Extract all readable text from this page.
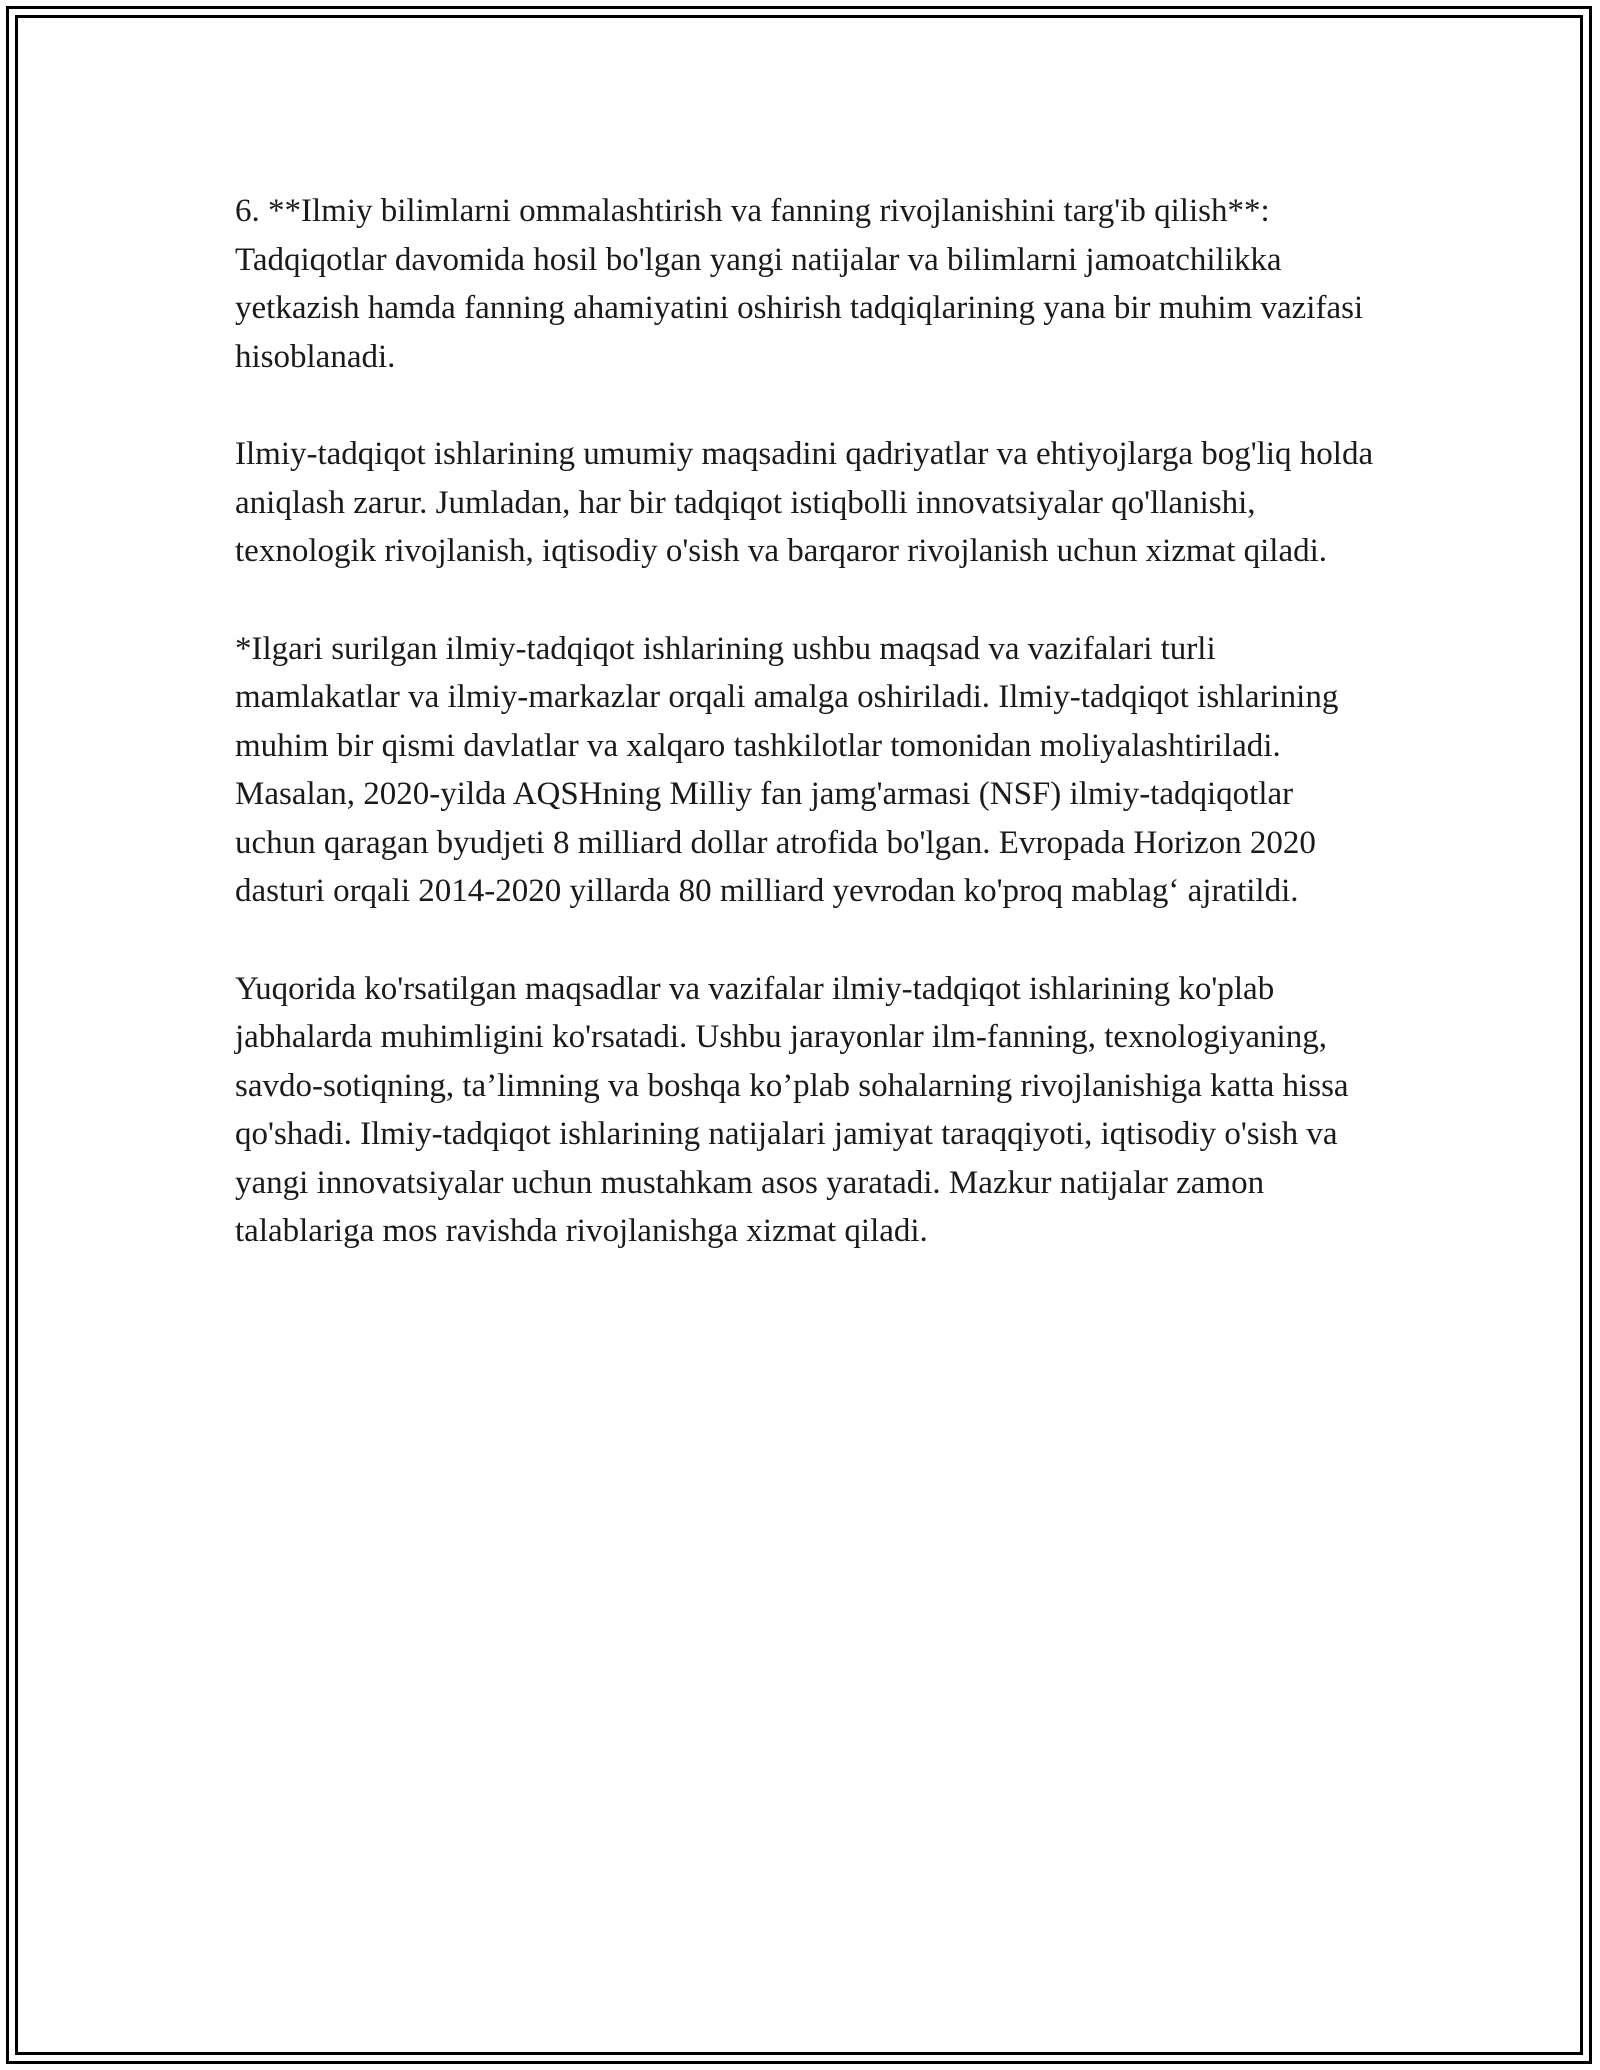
6. **Ilmiy bilimlarni ommalashtirish va fanning rivojlanishini targ'ib qilish**: Tadqiqotlar davomida hosil bo'lgan yangi natijalar va bilimlarni jamoatchilikka yetkazish hamda fanning ahamiyatini oshirish tadqiqlarining yana bir muhim vazifasi hisoblanadi.

Ilmiy-tadqiqot ishlarining umumiy maqsadini qadriyatlar va ehtiyojlarga bog'liq holda aniqlash zarur. Jumladan, har bir tadqiqot istiqbolli innovatsiyalar qo'llanishi, texnologik rivojlanish, iqtisodiy o'sish va barqaror rivojlanish uchun xizmat qiladi.

*Ilgari surilgan ilmiy-tadqiqot ishlarining ushbu maqsad va vazifalari turli mamlakatlar va ilmiy-markazlar orqali amalga oshiriladi. Ilmiy-tadqiqot ishlarining muhim bir qismi davlatlar va xalqaro tashkilotlar tomonidan moliyalashtiriladi. Masalan, 2020-yilda AQSHning Milliy fan jamg'armasi (NSF) ilmiy-tadqiqotlar uchun qaragan byudjeti 8 milliard dollar atrofida bo'lgan. Evropada Horizon 2020 dasturi orqali 2014-2020 yillarda 80 milliard yevrodan ko'proq mablag‘ ajratildi.

Yuqorida ko'rsatilgan maqsadlar va vazifalar ilmiy-tadqiqot ishlarining ko'plab jabhalarda muhimligini ko'rsatadi. Ushbu jarayonlar ilm-fanning, texnologiyaning, savdo-sotiqning, ta’limning va boshqa ko’plab sohalarning rivojlanishiga katta hissa qo'shadi. Ilmiy-tadqiqot ishlarining natijalari jamiyat taraqqiyoti, iqtisodiy o'sish va yangi innovatsiyalar uchun mustahkam asos yaratadi. Mazkur natijalar zamon talablariga mos ravishda rivojlanishga xizmat qiladi.
